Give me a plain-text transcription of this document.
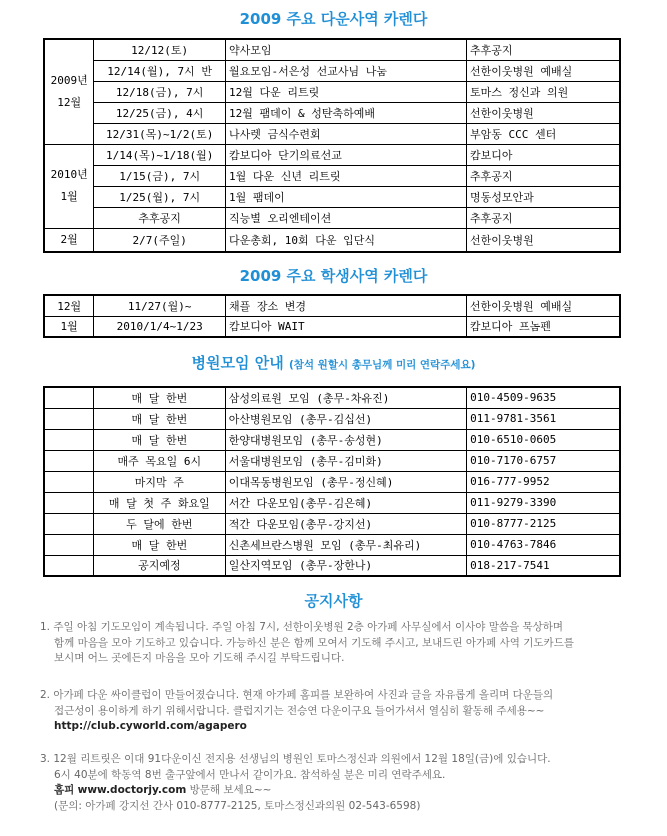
2009 주요 다운사역 카렌다
2009년
12월	12/12(토)	약사모임	추후공지
	12/14(월), 7시 반	월요모임-서은성 선교사님 나눔	선한이웃병원 예배실
	12/18(금), 7시	12월 다운 리트릿	토마스 정신과 의원
	12/25(금), 4시	12월 팸데이 & 성탄축하예배	선한이웃병원
	12/31(목)~1/2(토)	나사렛 금식수련회	부암동 CCC 센터
2010년
1월	1/14(목)~1/18(월)	캄보디아 단기의료선교	캄보디아
	1/15(금), 7시	1월 다운 신년 리트릿	추후공지
	1/25(월), 7시	1월 팸데이	명동성모안과
	추후공지	직능별 오리엔테이션	추후공지
2월	2/7(주일)	다운총회, 10회 다운 입단식	선한이웃병원
2009 주요 학생사역 카렌다
12월	11/27(월)~	채플 장소 변경	선한이웃병원 예배실
1월	2010/1/4~1/23	캄보디아 WAIT	캄보디아 프놈펜
병원모임 안내 (참석 원할시 총무님께 미리 연락주세요)
	매 달 한번	삼성의료원 모임 (총무-차유진)	010-4509-9635
	매 달 한번	아산병원모임 (총무-김십선)	011-9781-3561
	매 달 한번	한양대병원모임 (총무-송성현)	010-6510-0605
	매주 목요일 6시	서울대병원모임 (총무-김미화)	010-7170-6757
	마지막 주	이대목동병원모임 (총무-정신혜)	016-777-9952
	매 달 첫 주 화요일	서간 다운모임(총무-김은혜)	011-9279-3390
	두 달에 한번	적간 다운모임(총무-강지선)	010-8777-2125
	매 달 한번	신촌세브란스병원 모임 (총무-최유리)	010-4763-7846
	공지예정	일산지역모임 (총무-장한나)	018-217-7541
공지사항
1. 주일 아침 기도모임이 계속됩니다. 주일 아침 7시, 선한이웃병원 2층 아가페 사무실에서 이사야 말씀을 묵상하며
함께 마음을 모아 기도하고 있습니다. 가능하신 분은 함께 모여서 기도해 주시고, 보내드린 아가페 사역 기도카드를
보시며 어느 곳에든지 마음을 모아 기도해 주시길 부탁드립니다.
2. 아가페 다운 싸이클럽이 만들어졌습니다. 현재 아가페 홈피를 보완하여 사진과 글을 자유롭게 올리며 다운들의
접근성이 용이하게 하기 위해서랍니다. 클럽지기는 전승연 다운이구요 들어가셔서 열심히 활동해 주세용~~
http://club.cyworld.com/agapero
3. 12월 리트릿은 이대 91다운이신 전지용 선생님의 병원인 토마스정신과 의원에서 12월 18일(금)에 있습니다.
6시 40분에 학동역 8번 출구앞에서 만나서 같이가요. 참석하실 분은 미리 연락주세요.
홈피 www.doctorjy.com 방문해 보세요~~
(문의: 아가페 강지선 간사 010-8777-2125, 토마스정신과의원 02-543-6598)
